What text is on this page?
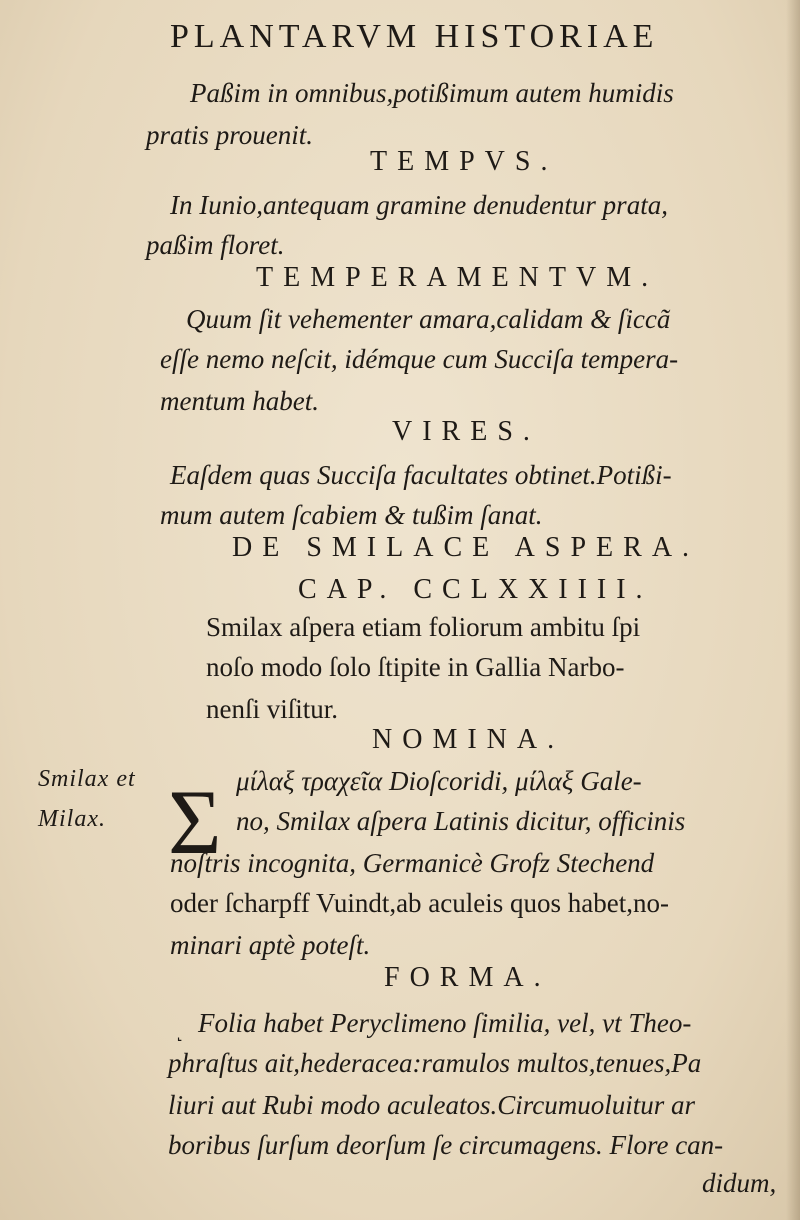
PLANTARVM HISTORIAE
Paßim in omnibus,potißimum autem humidis
pratis prouenit.
TEMPVS.
In Iunio,antequam gramine denudentur prata,
paßim floret.
TEMPERAMENTVM.
Quum ſit vehementer amara,calidam & ſiccã
eſſe nemo neſcit, idémque cum Succiſa tempera-
mentum habet.
VIRES.
Eaſdem quas Succiſa facultates obtinet.Potißi-
mum autem ſcabiem & tußim ſanat.
DE SMILACE ASPERA.
CAP. CCLXXIIII.
Smilax aſpera etiam foliorum ambitu ſpi
noſo modo ſolo ſtipite in Gallia Narbo-
nenſi viſitur.
NOMINA.
Smilax et
Milax. Σ μίλαξ τραχεῖα Dioſcoridi, μίλαξ Gale-
no, Smilax aſpera Latinis dicitur, officinis
noſtris incognita, Germanicè Grofz Stechend
oder ſcharpff Vuindt,ab aculeis quos habet,no-
minari aptè poteſt.
FORMA.
˻ Folia habet Peryclimeno ſimilia, vel, vt Theo-
phraſtus ait,hederacea:ramulos multos,tenues,Pa
liuri aut Rubi modo aculeatos.Circumuoluitur ar
boribus ſurſum deorſum ſe circumagens. Flore can-
didum,
